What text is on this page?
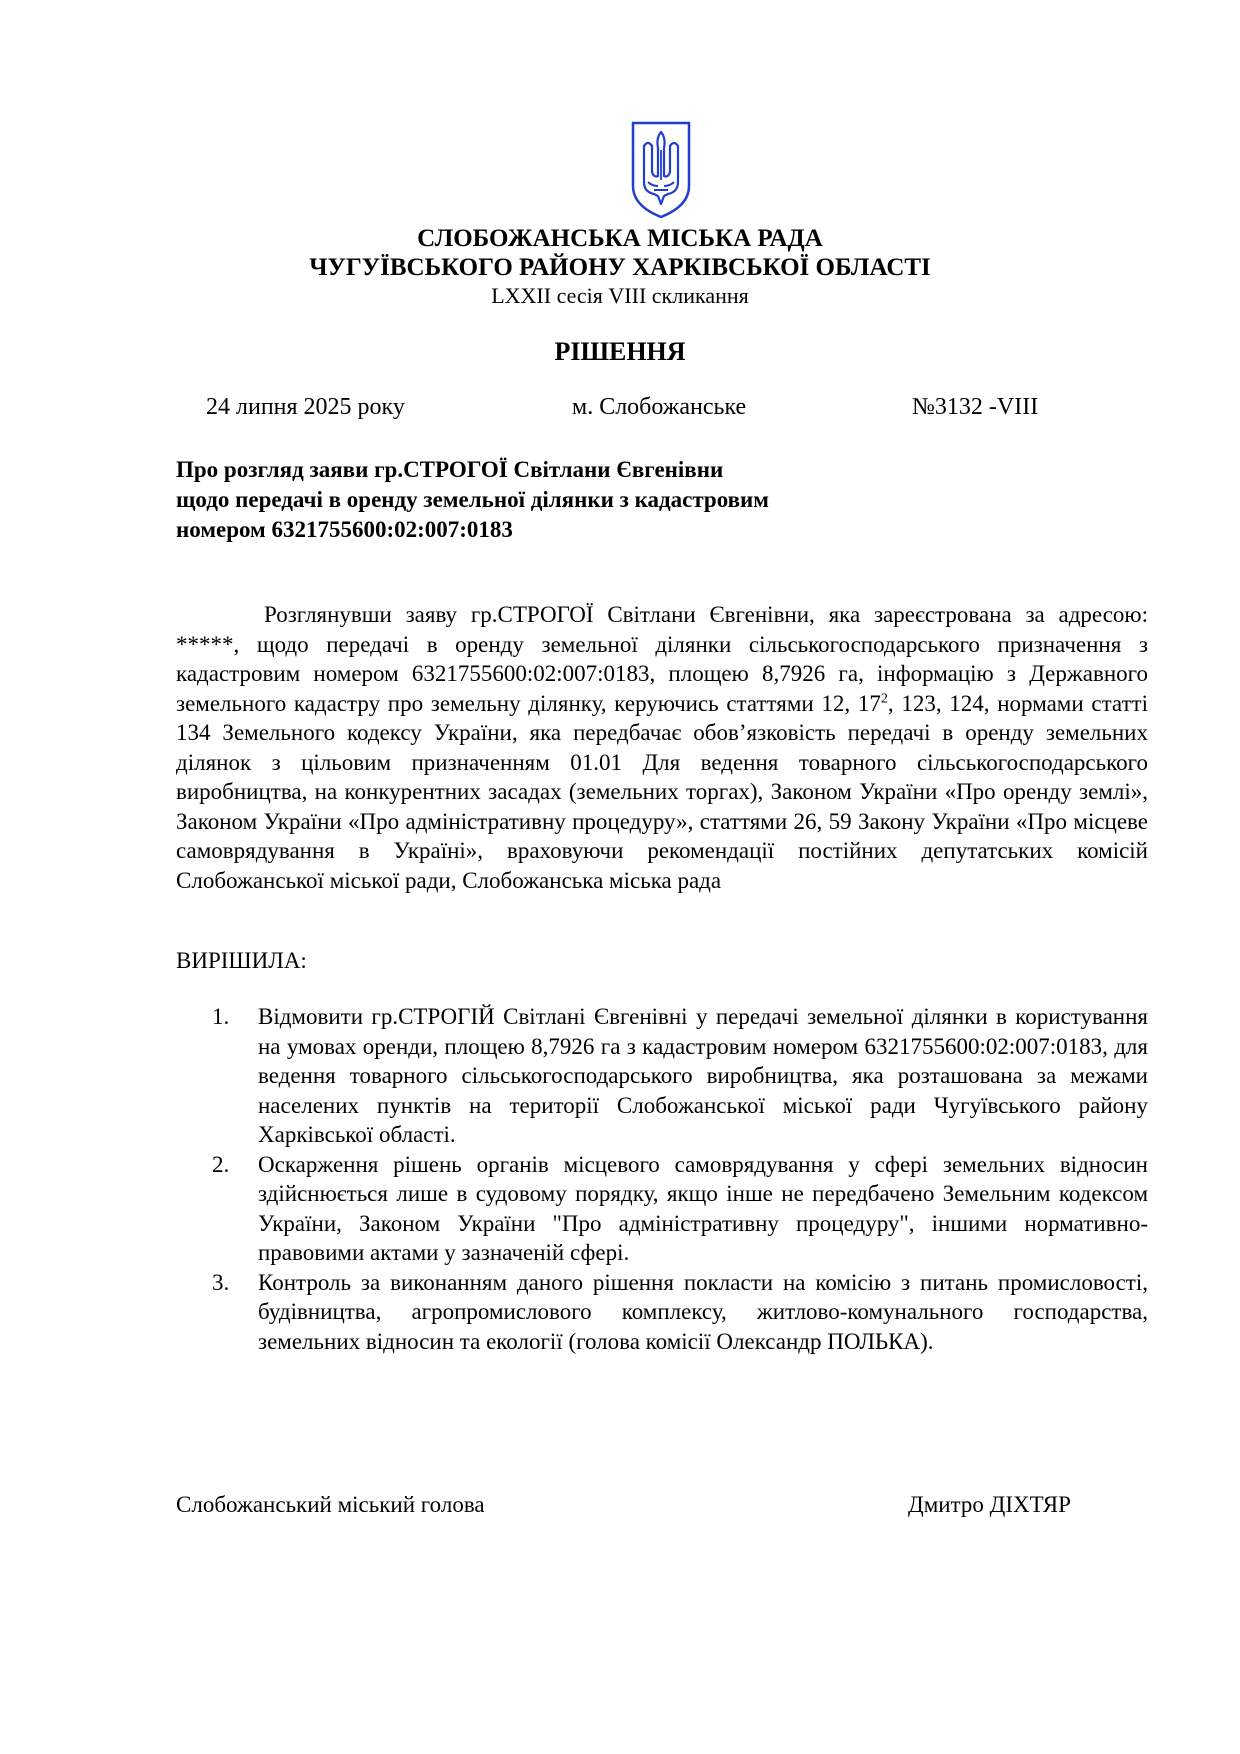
СЛОБОЖАНСЬКА МІСЬКА РАДА
ЧУГУЇВСЬКОГО РАЙОНУ ХАРКІВСЬКОЇ ОБЛАСТІ
LXXII сесія VIII скликання
РІШЕННЯ
24 липня 2025 року	м. Слобожанське	№3132 -VIII
Про розгляд заяви гр.СТРОГОЇ Світлани Євгенівни
щодо передачі в оренду земельної ділянки з кадастровим
номером 6321755600:02:007:0183
Розглянувши заяву гр.СТРОГОЇ Світлани Євгенівни, яка зареєстрована за адресою: *****, щодо передачі в оренду земельної ділянки сільськогосподарського призначення з кадастровим номером 6321755600:02:007:0183, площею 8,7926 га, інформацію з Державного земельного кадастру про земельну ділянку, керуючись статтями 12, $17^2$, 123, 124, нормами статті 134 Земельного кодексу України, яка передбачає обов’язковість передачі в оренду земельних ділянок з цільовим призначенням 01.01 Для ведення товарного сільськогосподарського виробництва, на конкурентних засадах (земельних торгах), Законом України «Про оренду землі», Законом України «Про адміністративну процедуру», статтями 26, 59 Закону України «Про місцеве самоврядування в Україні», враховуючи рекомендації постійних депутатських комісій Слобожанської міської ради, Слобожанська міська рада
ВИРІШИЛА:
1. Відмовити гр.СТРОГІЙ Світлані Євгенівні у передачі земельної ділянки в користування на умовах оренди, площею 8,7926 га з кадастровим номером 6321755600:02:007:0183, для ведення товарного сільськогосподарського виробництва, яка розташована за межами населених пунктів на території Слобожанської міської ради Чугуївського району Харківської області.
2. Оскарження рішень органів місцевого самоврядування у сфері земельних відносин здійснюється лише в судовому порядку, якщо інше не передбачено Земельним кодексом України, Законом України "Про адміністративну процедуру", іншими нормативно-правовими актами у зазначеній сфері.
3. Контроль за виконанням даного рішення покласти на комісію з питань промисловості, будівництва, агропромислового комплексу, житлово-комунального господарства, земельних відносин та екології (голова комісії Олександр ПОЛЬКА).
Слобожанський міський голова	Дмитро ДІХТЯР
